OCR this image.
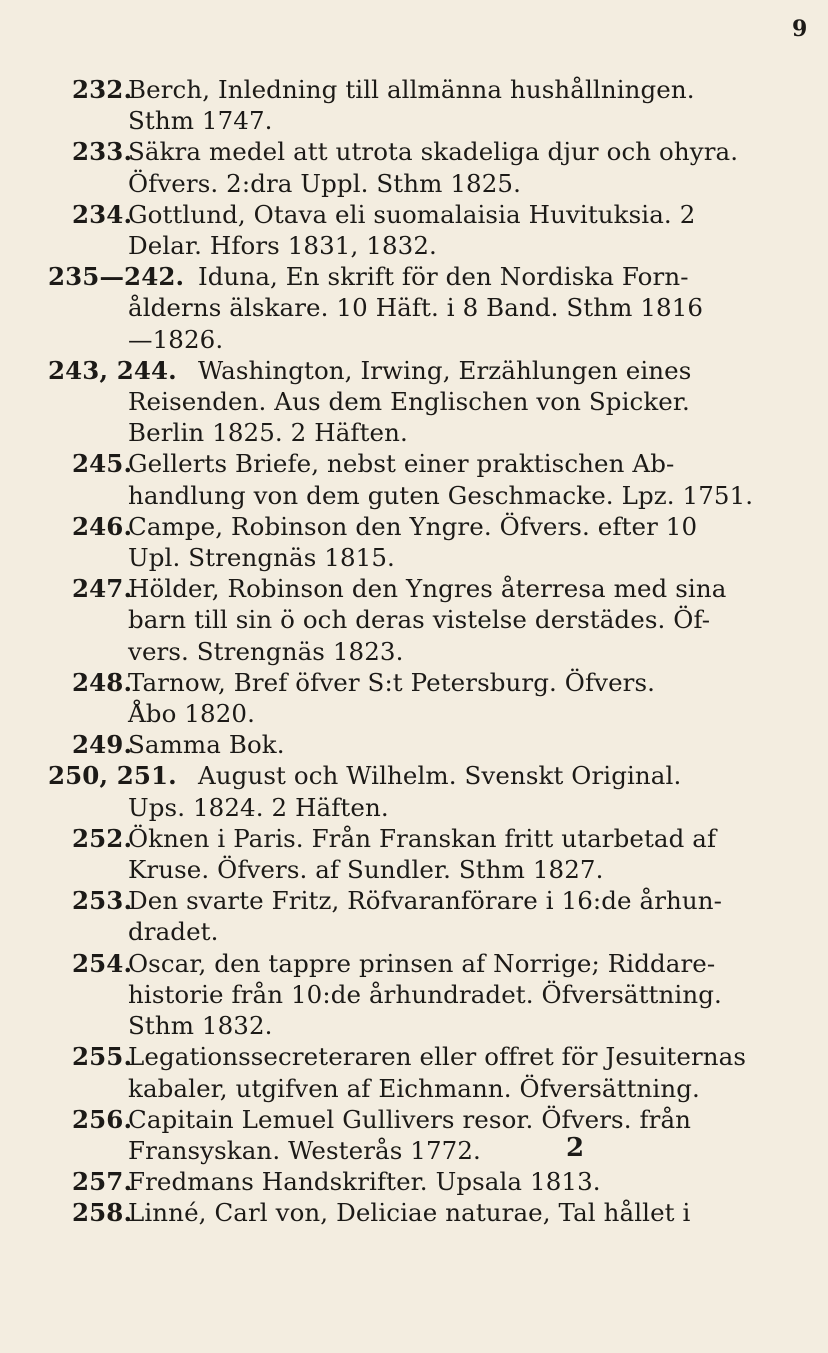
9
232.
Berch, Inledning till allmänna hushållningen.
Sthm 1747.
233.
Säkra medel att utrota skadeliga djur och ohyra.
Öfvers. 2:dra Uppl. Sthm 1825.
234.
Gottlund, Otava eli suomalaisia Huvituksia. 2
Delar. Hfors 1831, 1832.
235—242. Iduna, En skrift för den Nordiska Forn-
ålderns älskare. 10 Häft. i 8 Band. Sthm 1816
—1826.
243, 244. Washington, Irwing, Erzählungen eines
Reisenden. Aus dem Englischen von Spicker.
Berlin 1825. 2 Häften.
245.
Gellerts Briefe, nebst einer praktischen Ab-
handlung von dem guten Geschmacke. Lpz. 1751.
246.
Campe, Robinson den Yngre. Öfvers. efter 10
Upl. Strengnäs 1815.
247.
Hölder, Robinson den Yngres återresa med sina
barn till sin ö och deras vistelse derstädes. Öf-
vers. Strengnäs 1823.
248.
Tarnow, Bref öfver S:t Petersburg. Öfvers.
Åbo 1820.
249.
Samma Bok.
250, 251. August och Wilhelm. Svenskt Original.
Ups. 1824. 2 Häften.
252.
Öknen i Paris. Från Franskan fritt utarbetad af
Kruse. Öfvers. af Sundler. Sthm 1827.
253.
Den svarte Fritz, Röfvaranförare i 16:de århun-
dradet.
254.
Oscar, den tappre prinsen af Norrige; Riddare-
historie från 10:de århundradet. Öfversättning.
Sthm 1832.
255.
Legationssecreteraren eller offret för Jesuiternas
kabaler, utgifven af Eichmann. Öfversättning.
256.
Capitain Lemuel Gullivers resor. Öfvers. från
Fransyskan. Westerås 1772.
257.
Fredmans Handskrifter. Upsala 1813.
258.
Linné, Carl von, Deliciae naturae, Tal hållet i
2
